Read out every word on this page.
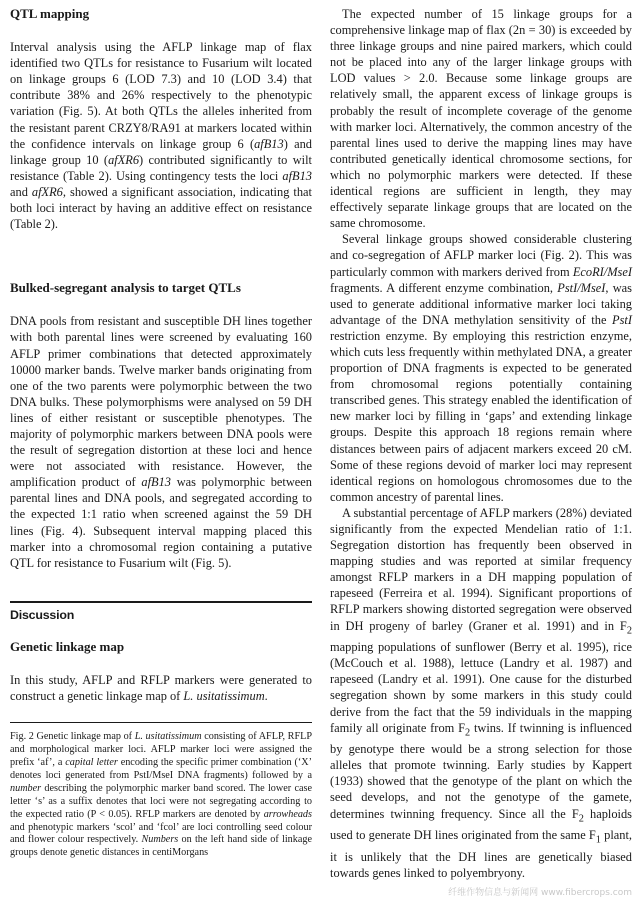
QTL mapping

Interval analysis using the AFLP linkage map of flax identified two QTLs for resistance to Fusarium wilt located on linkage groups 6 (LOD 7.3) and 10 (LOD 3.4) that contribute 38% and 26% respectively to the phenotypic variation (Fig. 5). At both QTLs the alleles inherited from the resistant parent CRZY8/RA91 at markers located within the confidence intervals on linkage group 6 (afB13) and linkage group 10 (afXR6) contributed significantly to wilt resistance (Table 2). Using contingency tests the loci afB13 and afXR6, showed a significant association, indicating that both loci interact by having an additive effect on resistance (Table 2).

Bulked-segregant analysis to target QTLs

DNA pools from resistant and susceptible DH lines together with both parental lines were screened by evaluating 160 AFLP primer combinations that detected approximately 10000 marker bands. Twelve marker bands originating from one of the two parents were polymorphic between the two DNA bulks. These polymorphisms were analysed on 59 DH lines of either resistant or susceptible phenotypes. The majority of polymorphic markers between DNA pools were the result of segregation distortion at these loci and hence were not associated with resistance. However, the amplification product of afB13 was polymorphic between parental lines and DNA pools, and segregated according to the expected 1:1 ratio when screened against the 59 DH lines (Fig. 4). Subsequent interval mapping placed this marker into a chromosomal region containing a putative QTL for resistance to Fusarium wilt (Fig. 5).

Discussion
Genetic linkage map

In this study, AFLP and RFLP markers were generated to construct a genetic linkage map of L. usitatissimum.

Fig. 2 Genetic linkage map of L. usitatissimum consisting of AFLP, RFLP and morphological marker loci. AFLP marker loci were assigned the prefix ‘af’, a capital letter encoding the specific primer combination (‘X’ denotes loci generated from PstI/MseI DNA fragments) followed by a number describing the polymorphic marker band scored. The lower case letter ‘s’ as a suffix denotes that loci were not segregating according to the expected ratio (P < 0.05). RFLP markers are denoted by arrowheads and phenotypic markers ‘scol’ and ‘fcol’ are loci controlling seed colour and flower colour respectively. Numbers on the left hand side of linkage groups denote genetic distances in centiMorgans

The expected number of 15 linkage groups for a comprehensive linkage map of flax (2n = 30) is exceeded by three linkage groups and nine paired markers, which could not be placed into any of the larger linkage groups with LOD values > 2.0. Because some linkage groups are relatively small, the apparent excess of linkage groups is probably the result of incomplete coverage of the genome with marker loci. Alternatively, the common ancestry of the parental lines used to derive the mapping lines may have contributed genetically identical chromosome sections, for which no polymorphic markers were detected. If these identical regions are sufficient in length, they may effectively separate linkage groups that are located on the same chromosome.

Several linkage groups showed considerable clustering and co-segregation of AFLP marker loci (Fig. 2). This was particularly common with markers derived from EcoRI/MseI fragments. A different enzyme combination, PstI/MseI, was used to generate additional informative marker loci taking advantage of the DNA methylation sensitivity of the PstI restriction enzyme. By employing this restriction enzyme, which cuts less frequently within methylated DNA, a greater proportion of DNA fragments is expected to be generated from chromosomal regions potentially containing transcribed genes. This strategy enabled the identification of new marker loci by filling in ‘gaps’ and extending linkage groups. Despite this approach 18 regions remain where distances between pairs of adjacent markers exceed 20 cM. Some of these regions devoid of marker loci may represent identical regions on homologous chromosomes due to the common ancestry of parental lines.

A substantial percentage of AFLP markers (28%) deviated significantly from the expected Mendelian ratio of 1:1. Segregation distortion has frequently been observed in mapping studies and was reported at similar frequency amongst RFLP markers in a DH mapping population of rapeseed (Ferreira et al. 1994). Significant proportions of RFLP markers showing distorted segregation were observed in DH progeny of barley (Graner et al. 1991) and in $F_2$ mapping populations of sunflower (Berry et al. 1995), rice (McCouch et al. 1988), lettuce (Landry et al. 1987) and rapeseed (Landry et al. 1991). One cause for the disturbed segregation shown by some markers in this study could derive from the fact that the 59 individuals in the mapping family all originate from $F_2$ twins. If twinning is influenced by genotype there would be a strong selection for those alleles that promote twinning. Early studies by Kappert (1933) showed that the genotype of the plant on which the seed develops, and not the genotype of the gamete, determines twinning frequency. Since all the $F_2$ haploids used to generate DH lines originated from the same $F_1$ plant, it is unlikely that the DH lines are genetically biased towards genes linked to polyembryony.

纤维作物信息与新闻网 www.fibercrops.com
